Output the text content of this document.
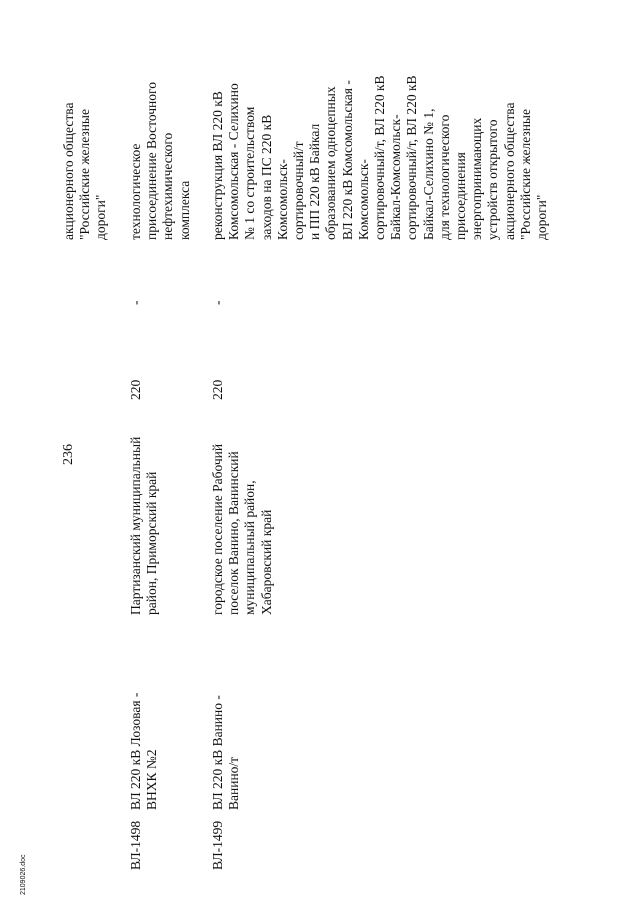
акционерного общества
"Российские железные
дороги"
236
ВЛ-1498
ВЛ 220 кВ Лозовая -
ВНХК №2
Партизанский муниципальный
район, Приморский край
220
-
технологическое
присоединение Восточного
нефтехимического
комплекса
ВЛ-1499
ВЛ 220 кВ Ванино -
Ванино/т
городское поселение Рабочий
поселок Ванино, Ванинский
муниципальный район,
Хабаровский край
220
-
реконструкция ВЛ 220 кВ
Комсомольская - Селихино
№ 1 со строительством
заходов на ПС 220 кВ
Комсомольск-
сортировочный/т
и ПП 220 кВ Байкал
образованием одноцепных
ВЛ 220 кВ Комсомольская -
Комсомольск-
сортировочный/т, ВЛ 220 кВ
Байкал-Комсомольск-
сортировочный/т, ВЛ 220 кВ
Байкал-Селихино № 1,
для технологического
присоединения
энергопринимающих
устройств открытого
акционерного общества
"Российские железные
дороги"
2109026.doc
